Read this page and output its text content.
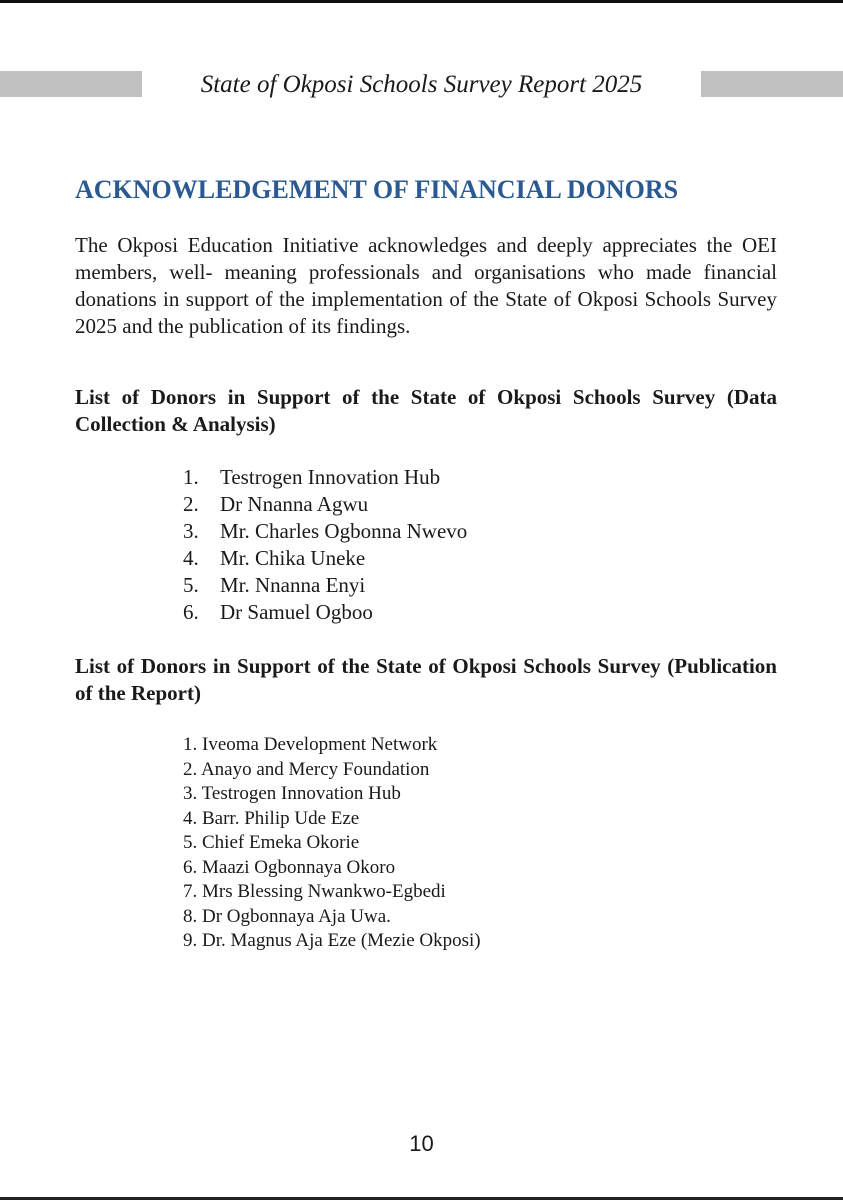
State of Okposi Schools Survey Report 2025
ACKNOWLEDGEMENT OF FINANCIAL DONORS
The Okposi Education Initiative acknowledges and deeply appreciates the OEI members, well- meaning professionals and organisations who made financial donations in support of the implementation of the State of Okposi Schools Survey 2025 and the publication of its findings.
List of Donors in Support of the State of Okposi Schools Survey (Data Collection & Analysis)
1.	Testrogen Innovation Hub
2.	Dr Nnanna Agwu
3.	Mr. Charles Ogbonna Nwevo
4.	Mr. Chika Uneke
5.	Mr. Nnanna Enyi
6.	Dr Samuel Ogboo
List of Donors in Support of the State of Okposi Schools Survey (Publication of the Report)
1. Iveoma Development Network
2. Anayo and Mercy Foundation
3. Testrogen Innovation Hub
4. Barr. Philip Ude Eze
5. Chief Emeka Okorie
6. Maazi Ogbonnaya Okoro
7. Mrs Blessing Nwankwo-Egbedi
8. Dr Ogbonnaya Aja Uwa.
9. Dr. Magnus Aja Eze (Mezie Okposi)
10
